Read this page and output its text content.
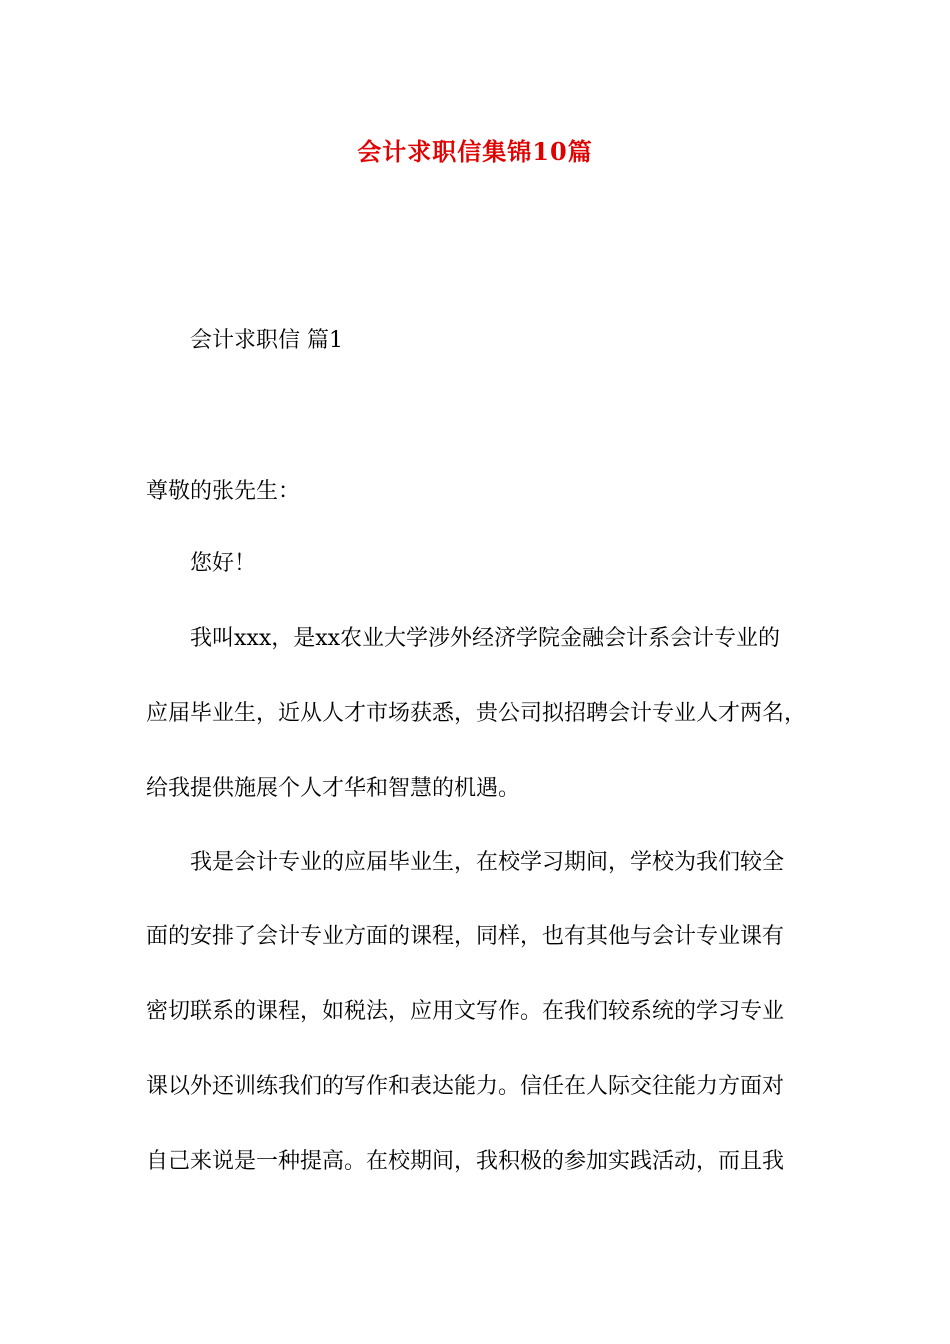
会计求职信集锦10篇

会计求职信 篇1

尊敬的张先生：

您好！

我叫xxx，是xx农业大学涉外经济学院金融会计系会计专业的

应届毕业生，近从人才市场获悉，贵公司拟招聘会计专业人才两名，

给我提供施展个人才华和智慧的机遇。

我是会计专业的应届毕业生，在校学习期间，学校为我们较全

面的安排了会计专业方面的课程，同样，也有其他与会计专业课有

密切联系的课程，如税法，应用文写作。在我们较系统的学习专业

课以外还训练我们的写作和表达能力。信任在人际交往能力方面对

自己来说是一种提高。在校期间，我积极的参加实践活动，而且我
